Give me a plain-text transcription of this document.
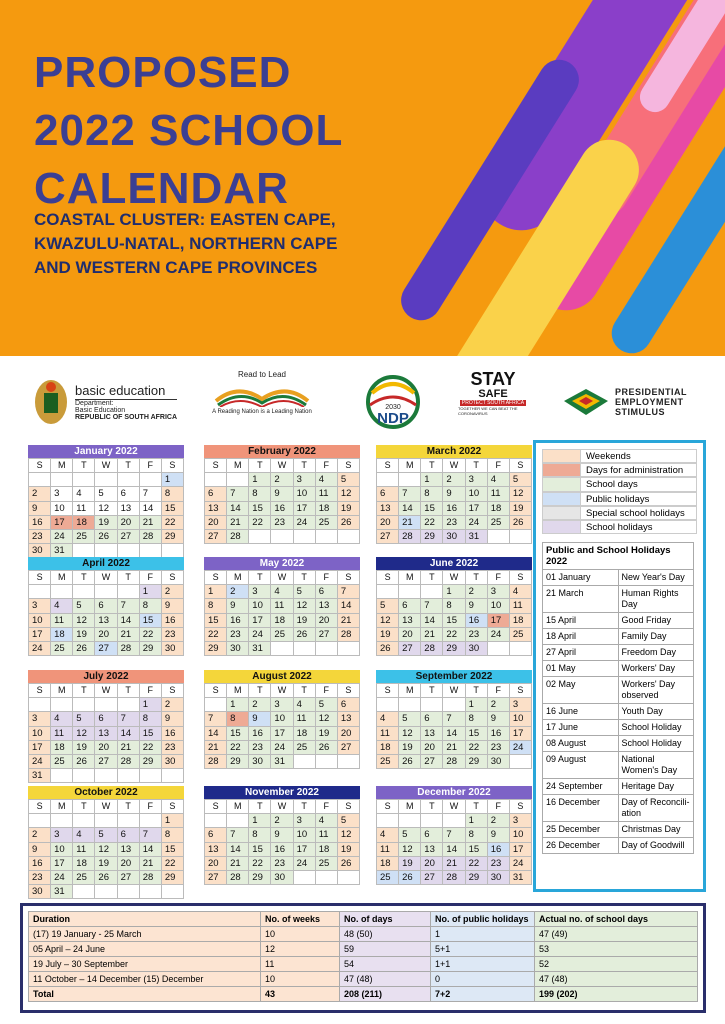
PROPOSED
2022 SCHOOL
CALENDAR
COASTAL CLUSTER: EASTEN CAPE,
KWAZULU-NATAL, NORTHERN CAPE
AND WESTERN CAPE PROVINCES
basic education
Department:
Basic Education
REPUBLIC OF SOUTH AFRICA
Read to Lead
A Reading Nation is a Leading Nation
2030
NDP
STAY
SAFE
PROTECT SOUTH AFRICA
TOGETHER WE CAN BEAT THE CORONAVIRUS
PRESIDENTIAL
EMPLOYMENT
STIMULUS
January 2022
S	M	T	W	T	F	S
						1
2	3	4	5	6	7	8
9	10	11	12	13	14	15
16	17	18	19	20	21	22
23	24	25	26	27	28	29
30	31					
February 2022
S	M	T	W	T	F	S
		1	2	3	4	5
6	7	8	9	10	11	12
13	14	15	16	17	18	19
20	21	22	23	24	25	26
27	28					
March 2022
S	M	T	W	T	F	S
		1	2	3	4	5
6	7	8	9	10	11	12
13	14	15	16	17	18	19
20	21	22	23	24	25	26
27	28	29	30	31		
April 2022
S	M	T	W	T	F	S
					1	2
3	4	5	6	7	8	9
10	11	12	13	14	15	16
17	18	19	20	21	22	23
24	25	26	27	28	29	30
May 2022
S	M	T	W	T	F	S
1	2	3	4	5	6	7
8	9	10	11	12	13	14
15	16	17	18	19	20	21
22	23	24	25	26	27	28
29	30	31				
June 2022
S	M	T	W	T	F	S
			1	2	3	4
5	6	7	8	9	10	11
12	13	14	15	16	17	18
19	20	21	22	23	24	25
26	27	28	29	30		
July 2022
S	M	T	W	T	F	S
					1	2
3	4	5	6	7	8	9
10	11	12	13	14	15	16
17	18	19	20	21	22	23
24	25	26	27	28	29	30
31						
August 2022
S	M	T	W	T	F	S
	1	2	3	4	5	6
7	8	9	10	11	12	13
14	15	16	17	18	19	20
21	22	23	24	25	26	27
28	29	30	31			
September 2022
S	M	T	W	T	F	S
				1	2	3
4	5	6	7	8	9	10
11	12	13	14	15	16	17
18	19	20	21	22	23	24
25	26	27	28	29	30	
October 2022
S	M	T	W	T	F	S
						1
2	3	4	5	6	7	8
9	10	11	12	13	14	15
16	17	18	19	20	21	22
23	24	25	26	27	28	29
30	31					
November 2022
S	M	T	W	T	F	S
		1	2	3	4	5
6	7	8	9	10	11	12
13	14	15	16	17	18	19
20	21	22	23	24	25	26
27	28	29	30			
December 2022
S	M	T	W	T	F	S
				1	2	3
4	5	6	7	8	9	10
11	12	13	14	15	16	17
18	19	20	21	22	23	24
25	26	27	28	29	30	31
Weekends
Days for administration
School days
Public holidays
Special school holidays
School holidays
Public and School Holidays 2022	
01 January	New Year's Day
21 March	Human Rights Day
15 April	Good Friday
18 April	Family Day
27 April	Freedom Day
01 May	Workers' Day
02 May	Workers' Day observed
16 June	Youth Day
17 June	School Holiday
08 August	School Holiday
09 August	National Women's Day
24 September	Heritage Day
16 December	Day of Reconcili-ation
25 December	Christmas Day
26 December	Day of Goodwill
Duration	No. of weeks	No. of days	No. of public holidays	Actual no. of school days
(17) 19 January - 25 March	10	48 (50)	1	47 (49)
05 April – 24 June	12	59	5+1	53
19 July – 30 September	11	54	1+1	52
11 October – 14 December (15) December	10	47 (48)	0	47 (48)
Total	43	208 (211)	7+2	199 (202)
